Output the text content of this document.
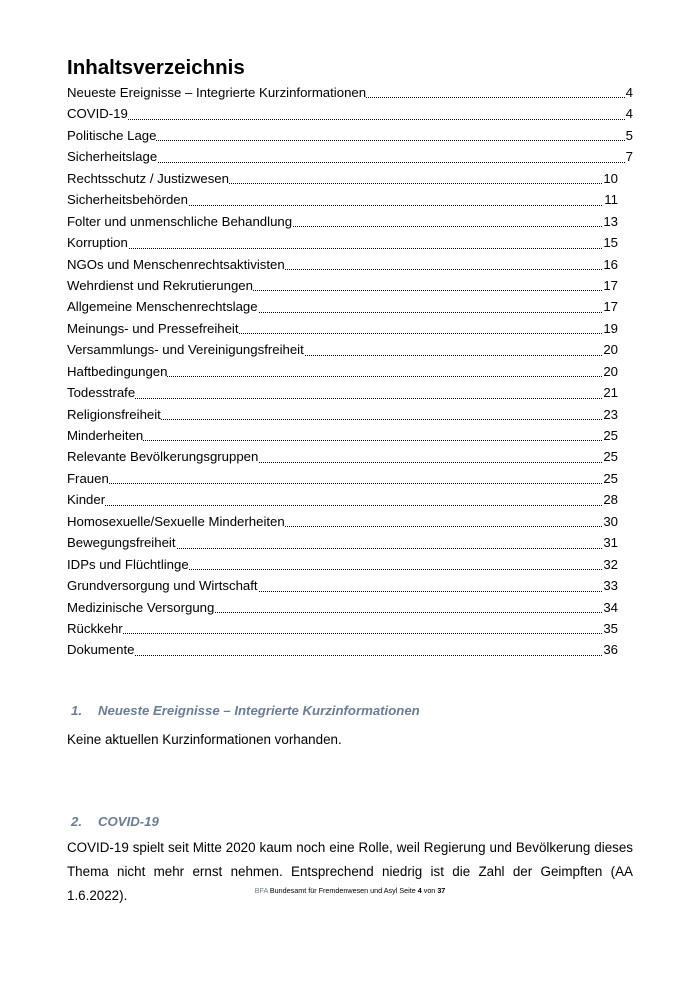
Inhaltsverzeichnis
Neueste Ereignisse – Integrierte Kurzinformationen	4
COVID-19	4
Politische Lage	5
Sicherheitslage	7
Rechtsschutz / Justizwesen	10
Sicherheitsbehörden	11
Folter und unmenschliche Behandlung	13
Korruption	15
NGOs und Menschenrechtsaktivisten	16
Wehrdienst und Rekrutierungen	17
Allgemeine Menschenrechtslage	17
Meinungs- und Pressefreiheit	19
Versammlungs- und Vereinigungsfreiheit	20
Haftbedingungen	20
Todesstrafe	21
Religionsfreiheit	23
Minderheiten	25
Relevante Bevölkerungsgruppen	25
Frauen	25
Kinder	28
Homosexuelle/Sexuelle Minderheiten	30
Bewegungsfreiheit	31
IDPs und Flüchtlinge	32
Grundversorgung und Wirtschaft	33
Medizinische Versorgung	34
Rückkehr	35
Dokumente	36
1. Neueste Ereignisse – Integrierte Kurzinformationen

Keine aktuellen Kurzinformationen vorhanden.

2. COVID-19

COVID-19 spielt seit Mitte 2020 kaum noch eine Rolle, weil Regierung und Bevölkerung dieses Thema nicht mehr ernst nehmen. Entsprechend niedrig ist die Zahl der Geimpften (AA 1.6.2022).	BFA Bundesamt für Fremdenwesen und Asyl Seite 4 von 37
